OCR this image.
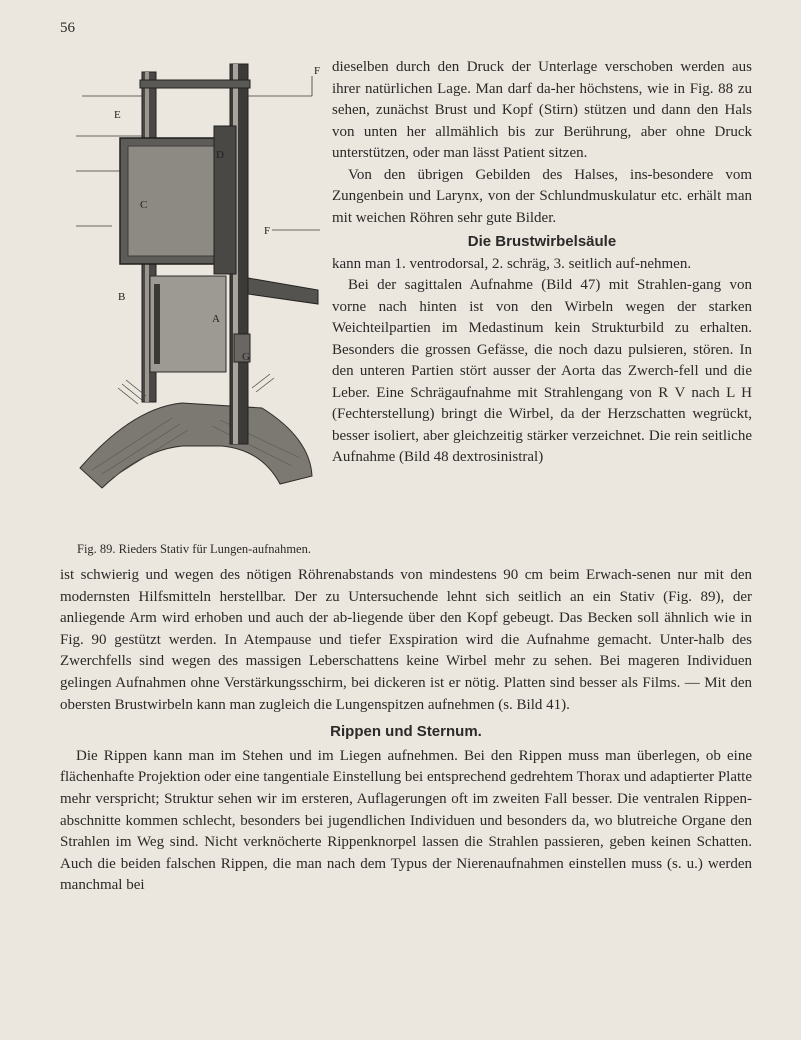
56
F
E
D
C
F
B
A
G
Fig. 89. Rieders Stativ für Lungen-aufnahmen.

dieselben durch den Druck der Unterlage verschoben werden aus ihrer natürlichen Lage. Man darf da-her höchstens, wie in Fig. 88 zu sehen, zunächst Brust und Kopf (Stirn) stützen und dann den Hals von unten her allmählich bis zur Berührung, aber ohne Druck unterstützen, oder man lässt Patient sitzen.

Von den übrigen Gebilden des Halses, ins-besondere vom Zungenbein und Larynx, von der Schlundmuskulatur etc. erhält man mit weichen Röhren sehr gute Bilder.

Die Brustwirbelsäule

kann man 1. ventrodorsal, 2. schräg, 3. seitlich auf-nehmen.

Bei der sagittalen Aufnahme (Bild 47) mit Strahlen-gang von vorne nach hinten ist von den Wirbeln wegen der starken Weichteilpartien im Medastinum kein Strukturbild zu erhalten. Besonders die grossen Gefässe, die noch dazu pulsieren, stören. In den unteren Partien stört ausser der Aorta das Zwerch-fell und die Leber. Eine Schrägaufnahme mit Strahlengang von R V nach L H (Fechterstellung) bringt die Wirbel, da der Herzschatten wegrückt, besser isoliert, aber gleichzeitig stärker verzeichnet. Die rein seitliche Aufnahme (Bild 48 dextrosinistral)

ist schwierig und wegen des nötigen Röhrenabstands von mindestens 90 cm beim Erwach-senen nur mit den modernsten Hilfsmitteln herstellbar. Der zu Untersuchende lehnt sich seitlich an ein Stativ (Fig. 89), der anliegende Arm wird erhoben und auch der ab-liegende über den Kopf gebeugt. Das Becken soll ähnlich wie in Fig. 90 gestützt werden. In Atempause und tiefer Exspiration wird die Aufnahme gemacht. Unter-halb des Zwerchfells sind wegen des massigen Leberschattens keine Wirbel mehr zu sehen. Bei mageren Individuen gelingen Aufnahmen ohne Verstärkungsschirm, bei dickeren ist er nötig. Platten sind besser als Films. — Mit den obersten Brustwirbeln kann man zugleich die Lungenspitzen aufnehmen (s. Bild 41).

Rippen und Sternum.

Die Rippen kann man im Stehen und im Liegen aufnehmen. Bei den Rippen muss man überlegen, ob eine flächenhafte Projektion oder eine tangentiale Einstellung bei entsprechend gedrehtem Thorax und adaptierter Platte mehr verspricht; Struktur sehen wir im ersteren, Auflagerungen oft im zweiten Fall besser. Die ventralen Rippen-abschnitte kommen schlecht, besonders bei jugendlichen Individuen und besonders da, wo blutreiche Organe den Strahlen im Weg sind. Nicht verknöcherte Rippenknorpel lassen die Strahlen passieren, geben keinen Schatten. Auch die beiden falschen Rippen, die man nach dem Typus der Nierenaufnahmen einstellen muss (s. u.) werden manchmal bei
